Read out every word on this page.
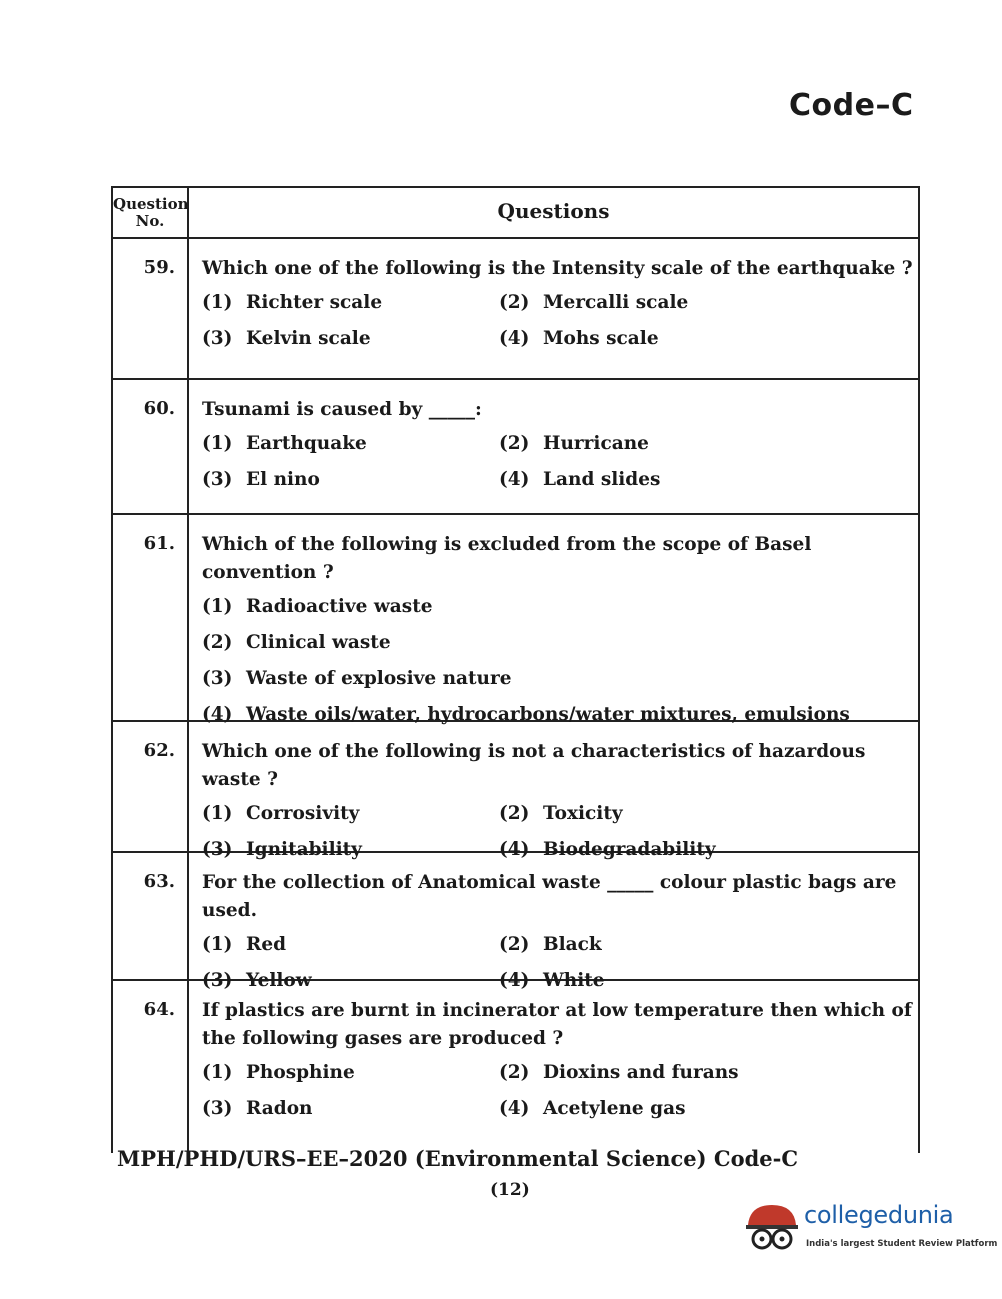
Code–C
Question
No.	Questions
59.	Which one of the following is the Intensity scale of the earthquake ?
(1) Richter scale	(2) Mercalli scale
(3) Kelvin scale	(4) Mohs scale
60.	Tsunami is caused by _____:
(1) Earthquake	(2) Hurricane
(3) El nino	(4) Land slides
61.	Which of the following is excluded from the scope of Basel convention ?
(1) Radioactive waste
(2) Clinical waste
(3) Waste of explosive nature
(4) Waste oils/water, hydrocarbons/water mixtures, emulsions
62.	Which one of the following is not a characteristics of hazardous waste ?
(1) Corrosivity	(2) Toxicity
(3) Ignitability	(4) Biodegradability
63.	For the collection of Anatomical waste _____ colour plastic bags are used.
(1) Red	(2) Black
(3) Yellow	(4) White
64.	If plastics are burnt in incinerator at low temperature then which of the following gases are produced ?
(1) Phosphine	(2) Dioxins and furans
(3) Radon	(4) Acetylene gas
MPH/PHD/URS–EE–2020 (Environmental Science) Code-C
(12)
collegedunia
India's largest Student Review Platform
